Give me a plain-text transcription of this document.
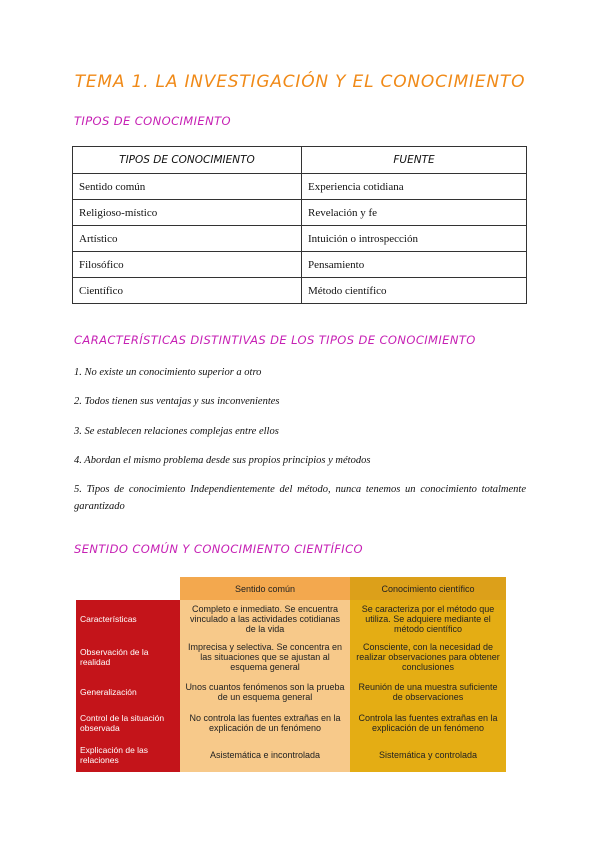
TEMA 1. LA INVESTIGACIÓN Y EL CONOCIMIENTO
TIPOS DE CONOCIMIENTO
TIPOS DE CONOCIMIENTO	FUENTE
Sentido común	Experiencia cotidiana
Religioso-místico	Revelación y fe
Artístico	Intuición o introspección
Filosófico	Pensamiento
Científico	Método científico
CARACTERÍSTICAS DISTINTIVAS DE LOS TIPOS DE CONOCIMIENTO

1. No existe un conocimiento superior a otro

2. Todos tienen sus ventajas y sus inconvenientes

3. Se establecen relaciones complejas entre ellos

4. Abordan el mismo problema desde sus propios principios y métodos

5. Tipos de conocimiento Independientemente del método, nunca tenemos un conocimiento totalmente garantizado

SENTIDO COMÚN Y CONOCIMIENTO CIENTÍFICO
	Sentido común	Conocimiento científico
Características	Completo e inmediato. Se encuentra vinculado a las actividades cotidianas de la vida	Se caracteriza por el método que utiliza. Se adquiere mediante el método científico
Observación de la realidad	Imprecisa y selectiva. Se concentra en las situaciones que se ajustan al esquema general	Consciente, con la necesidad de realizar observaciones para obtener conclusiones
Generalización	Unos cuantos fenómenos son la prueba de un esquema general	Reunión de una muestra suficiente de observaciones
Control de la situación observada	No controla las fuentes extrañas en la explicación de un fenómeno	Controla las fuentes extrañas en la explicación de un fenómeno
Explicación de las relaciones	Asistemática e incontrolada	Sistemática y controlada
